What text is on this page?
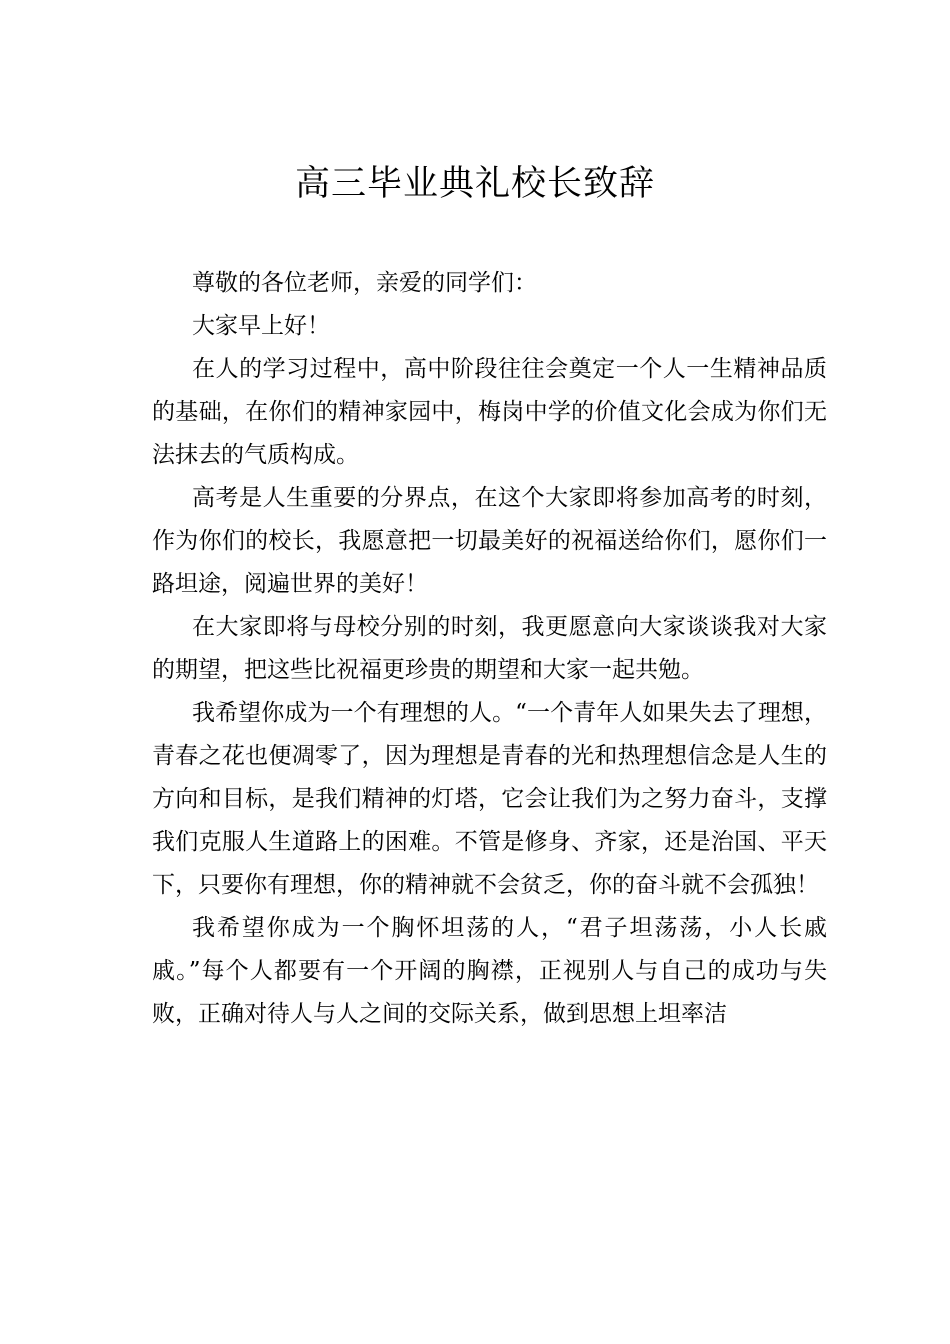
高三毕业典礼校长致辞

尊敬的各位老师，亲爱的同学们：

大家早上好！

在人的学习过程中，高中阶段往往会奠定一个人一生精神品质的基础，在你们的精神家园中，梅岗中学的价值文化会成为你们无法抹去的气质构成。

高考是人生重要的分界点，在这个大家即将参加高考的时刻，作为你们的校长，我愿意把一切最美好的祝福送给你们，愿你们一路坦途，阅遍世界的美好！

在大家即将与母校分别的时刻，我更愿意向大家谈谈我对大家的期望，把这些比祝福更珍贵的期望和大家一起共勉。

我希望你成为一个有理想的人。“一个青年人如果失去了理想，青春之花也便凋零了，因为理想是青春的光和热理想信念是人生的方向和目标，是我们精神的灯塔，它会让我们为之努力奋斗，支撑我们克服人生道路上的困难。不管是修身、齐家，还是治国、平天下，只要你有理想，你的精神就不会贫乏，你的奋斗就不会孤独！

我希望你成为一个胸怀坦荡的人，“君子坦荡荡，小人长戚戚。”每个人都要有一个开阔的胸襟，正视别人与自己的成功与失败，正确对待人与人之间的交际关系，做到思想上坦率洁
